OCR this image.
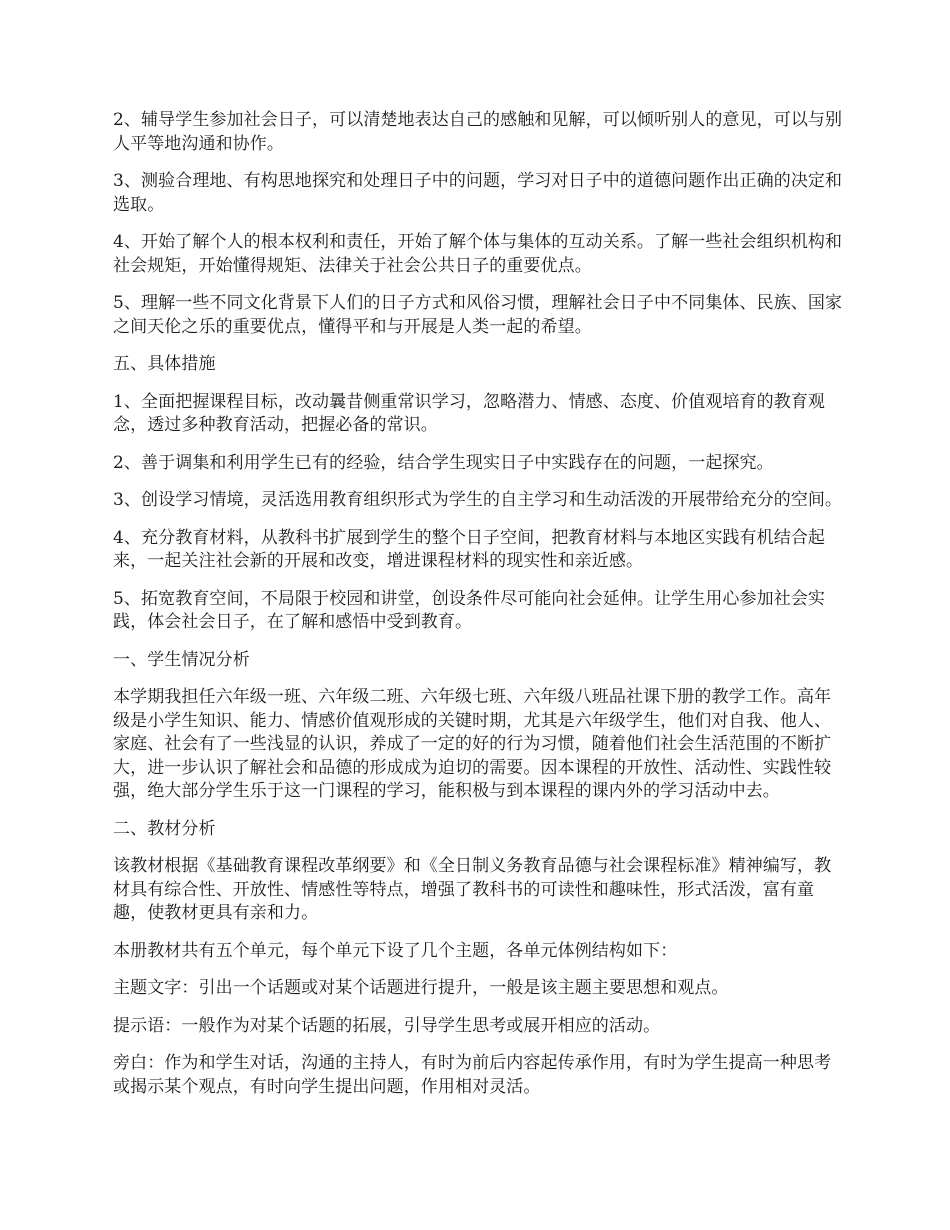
2、辅导学生参加社会日子，可以清楚地表达自己的感触和见解，可以倾听别人的意见，可以与别人平等地沟通和协作。

3、测验合理地、有构思地探究和处理日子中的问题，学习对日子中的道德问题作出正确的决定和选取。

4、开始了解个人的根本权利和责任，开始了解个体与集体的互动关系。了解一些社会组织机构和社会规矩，开始懂得规矩、法律关于社会公共日子的重要优点。

5、理解一些不同文化背景下人们的日子方式和风俗习惯，理解社会日子中不同集体、民族、国家之间天伦之乐的重要优点，懂得平和与开展是人类一起的希望。

五、具体措施

1、全面把握课程目标，改动曩昔侧重常识学习，忽略潜力、情感、态度、价值观培育的教育观念，透过多种教育活动，把握必备的常识。

2、善于调集和利用学生已有的经验，结合学生现实日子中实践存在的问题，一起探究。

3、创设学习情境，灵活选用教育组织形式为学生的自主学习和生动活泼的开展带给充分的空间。

4、充分教育材料，从教科书扩展到学生的整个日子空间，把教育材料与本地区实践有机结合起来，一起关注社会新的开展和改变，增进课程材料的现实性和亲近感。

5、拓宽教育空间，不局限于校园和讲堂，创设条件尽可能向社会延伸。让学生用心参加社会实践，体会社会日子，在了解和感悟中受到教育。

一、学生情况分析

本学期我担任六年级一班、六年级二班、六年级七班、六年级八班品社课下册的教学工作。高年级是小学生知识、能力、情感价值观形成的关键时期，尤其是六年级学生，他们对自我、他人、家庭、社会有了一些浅显的认识，养成了一定的好的行为习惯，随着他们社会生活范围的不断扩大，进一步认识了解社会和品德的形成成为迫切的需要。因本课程的开放性、活动性、实践性较强，绝大部分学生乐于这一门课程的学习，能积极与到本课程的课内外的学习活动中去。

二、教材分析

该教材根据《基础教育课程改革纲要》和《全日制义务教育品德与社会课程标准》精神编写，教材具有综合性、开放性、情感性等特点，增强了教科书的可读性和趣味性，形式活泼，富有童趣，使教材更具有亲和力。

本册教材共有五个单元，每个单元下设了几个主题，各单元体例结构如下：

主题文字：引出一个话题或对某个话题进行提升，一般是该主题主要思想和观点。

提示语：一般作为对某个话题的拓展，引导学生思考或展开相应的活动。

旁白：作为和学生对话，沟通的主持人，有时为前后内容起传承作用，有时为学生提高一种思考或揭示某个观点，有时向学生提出问题，作用相对灵活。
